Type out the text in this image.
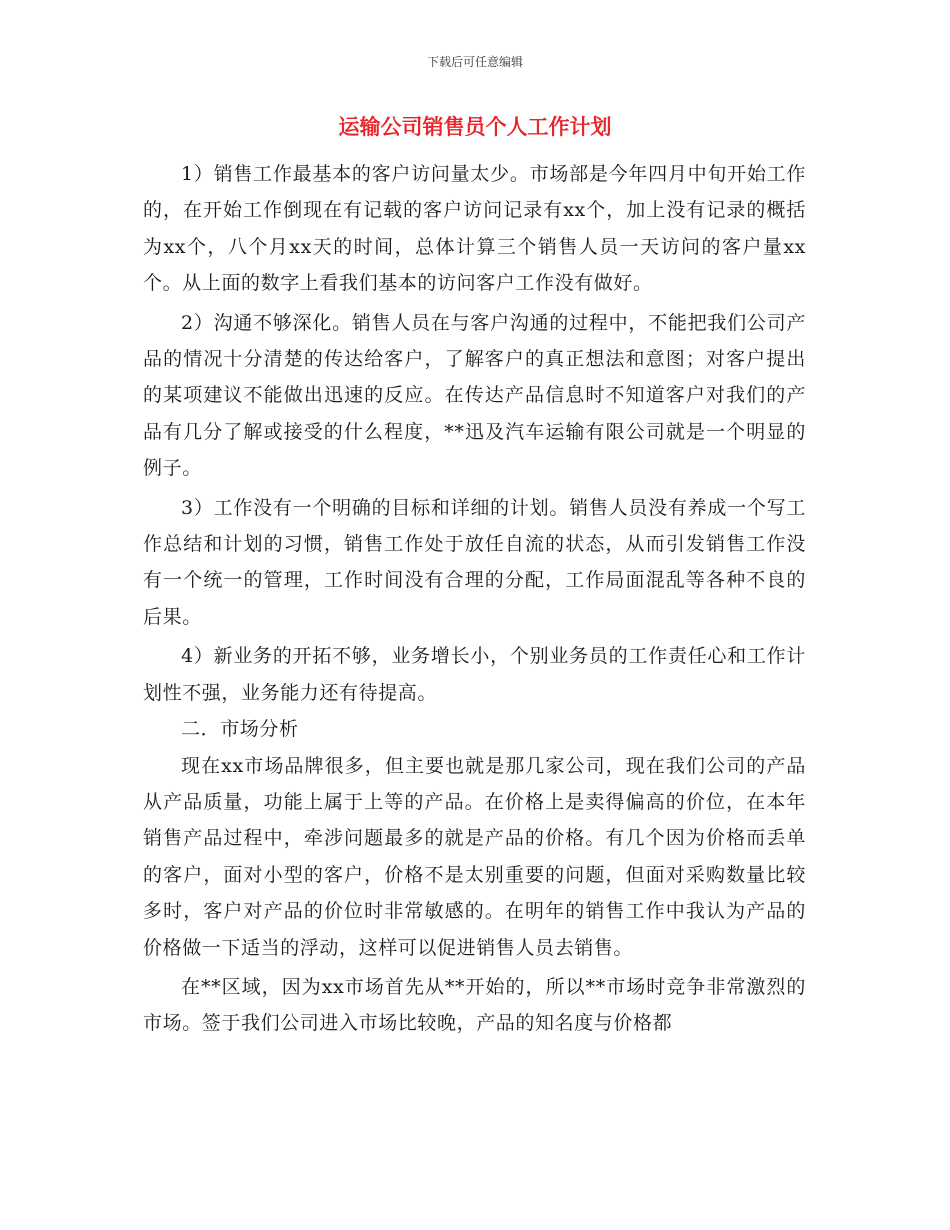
下载后可任意编辑
运输公司销售员个人工作计划

1）销售工作最基本的客户访问量太少。市场部是今年四月中旬开始工作的，在开始工作倒现在有记载的客户访问记录有xx个，加上没有记录的概括为xx个，八个月xx天的时间，总体计算三个销售人员一天访问的客户量xx个。从上面的数字上看我们基本的访问客户工作没有做好。

2）沟通不够深化。销售人员在与客户沟通的过程中，不能把我们公司产品的情况十分清楚的传达给客户，了解客户的真正想法和意图；对客户提出的某项建议不能做出迅速的反应。在传达产品信息时不知道客户对我们的产品有几分了解或接受的什么程度，**迅及汽车运输有限公司就是一个明显的例子。

3）工作没有一个明确的目标和详细的计划。销售人员没有养成一个写工作总结和计划的习惯，销售工作处于放任自流的状态，从而引发销售工作没有一个统一的管理，工作时间没有合理的分配，工作局面混乱等各种不良的后果。

4）新业务的开拓不够，业务增长小，个别业务员的工作责任心和工作计划性不强，业务能力还有待提高。

二．市场分析

现在xx市场品牌很多，但主要也就是那几家公司，现在我们公司的产品从产品质量，功能上属于上等的产品。在价格上是卖得偏高的价位，在本年销售产品过程中，牵涉问题最多的就是产品的价格。有几个因为价格而丢单的客户，面对小型的客户，价格不是太别重要的问题，但面对采购数量比较多时，客户对产品的价位时非常敏感的。在明年的销售工作中我认为产品的价格做一下适当的浮动，这样可以促进销售人员去销售。

在**区域，因为xx市场首先从**开始的，所以**市场时竞争非常激烈的市场。签于我们公司进入市场比较晚，产品的知名度与价格都
